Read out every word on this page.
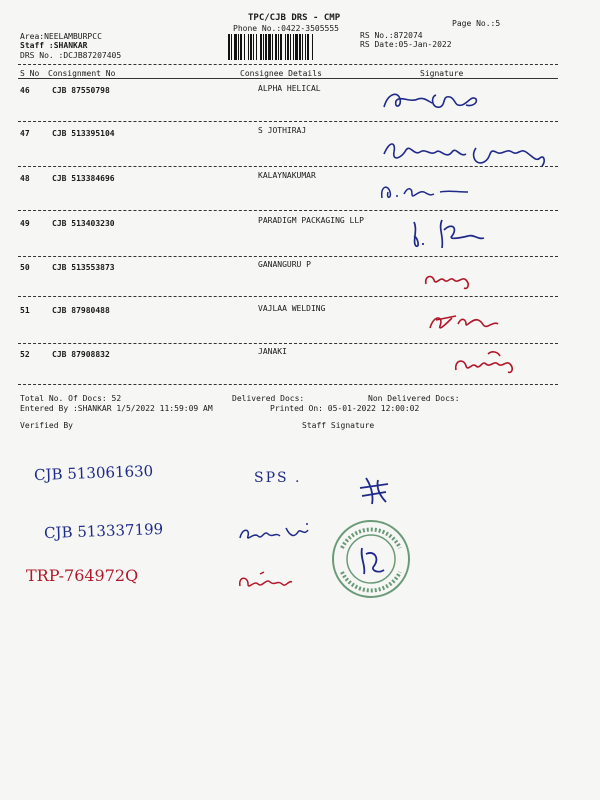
TPC/CJB DRS - CMP
Phone No.:0422-3505555
Page No.:5
Area:NEELAMBURPCC
Staff :SHANKAR
DRS No. :DCJB87207405
RS No.:872074
RS Date:05-Jan-2022
S No Consignment No	Consignee Details	Signature
46	CJB 87550798	ALPHA HELICAL
47	CJB 513395104	S JOTHIRAJ
48	CJB 513384696	KALAYNAKUMAR
49	CJB 513403230	PARADIGM PACKAGING LLP
50	CJB 513553873	GANANGURU P
51	CJB 87980488	VAJLAA WELDING
52	CJB 87908832	JANAKI
Total No. Of Docs: 52	Delivered Docs:	Non Delivered Docs:
Entered By :SHANKAR 1/5/2022 11:59:09 AM	Printed On: 05-01-2022 12:00:02
Verified By	Staff Signature
CJB 513061630	SPS .
CJB 513337199
TRP-764972Q
